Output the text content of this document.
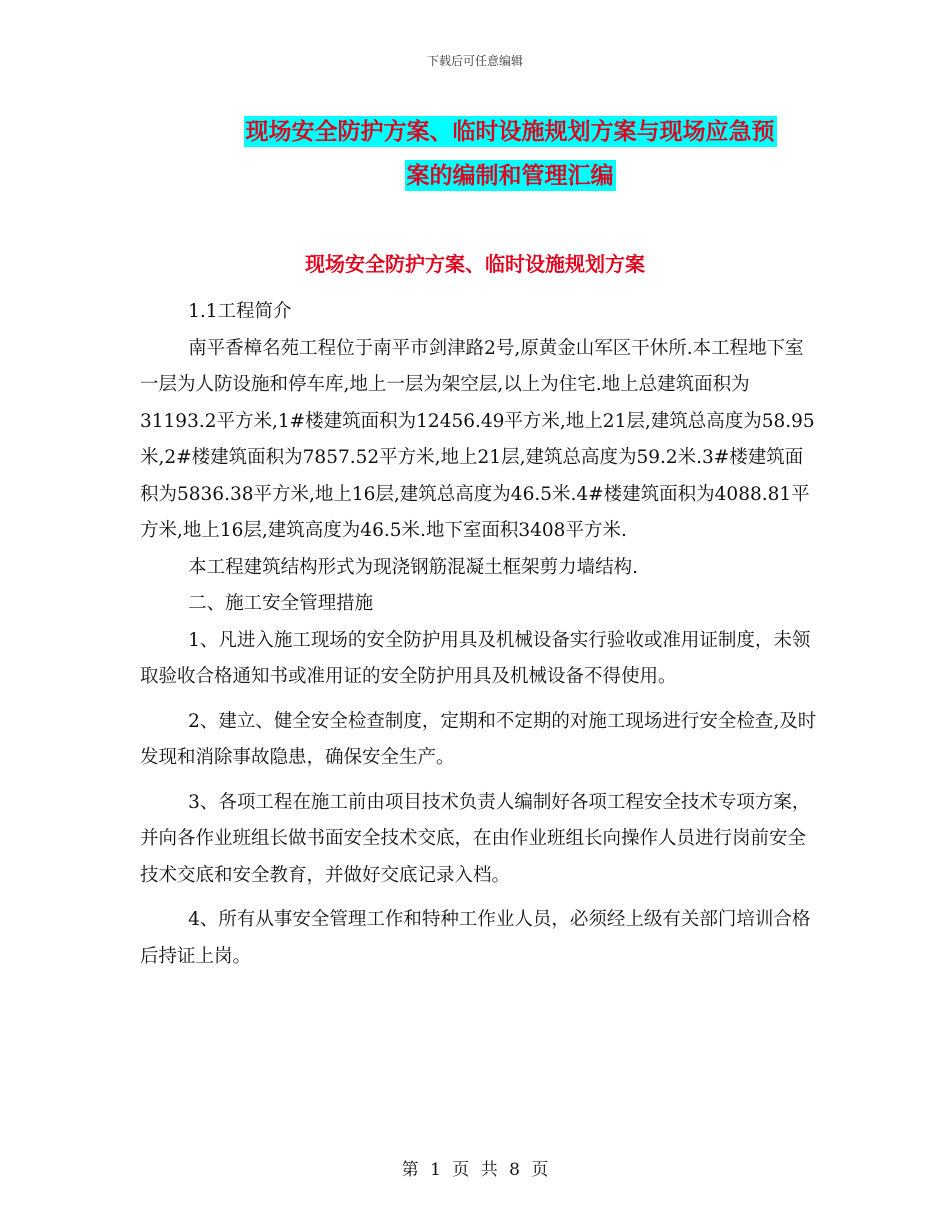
下载后可任意编辑
现场安全防护方案、临时设施规划方案与现场应急预
案的编制和管理汇编
现场安全防护方案、临时设施规划方案

1.1工程简介

南平香樟名苑工程位于南平市剑津路2号,原黄金山军区干休所.本工程地下室一层为人防设施和停车库,地上一层为架空层,以上为住宅.地上总建筑面积为31193.2平方米,1#楼建筑面积为12456.49平方米,地上21层,建筑总高度为58.95米,2#楼建筑面积为7857.52平方米,地上21层,建筑总高度为59.2米.3#楼建筑面积为5836.38平方米,地上16层,建筑总高度为46.5米.4#楼建筑面积为4088.81平方米,地上16层,建筑高度为46.5米.地下室面积3408平方米.

本工程建筑结构形式为现浇钢筋混凝土框架剪力墙结构.

二、施工安全管理措施

1、凡进入施工现场的安全防护用具及机械设备实行验收或准用证制度，未领取验收合格通知书或准用证的安全防护用具及机械设备不得使用。

2、建立、健全安全检查制度，定期和不定期的对施工现场进行安全检查,及时发现和消除事故隐患，确保安全生产。

3、各项工程在施工前由项目技术负责人编制好各项工程安全技术专项方案，并向各作业班组长做书面安全技术交底，在由作业班组长向操作人员进行岗前安全技术交底和安全教育，并做好交底记录入档。

4、所有从事安全管理工作和特种工作业人员，必须经上级有关部门培训合格后持证上岗。

第 1 页 共 8 页
